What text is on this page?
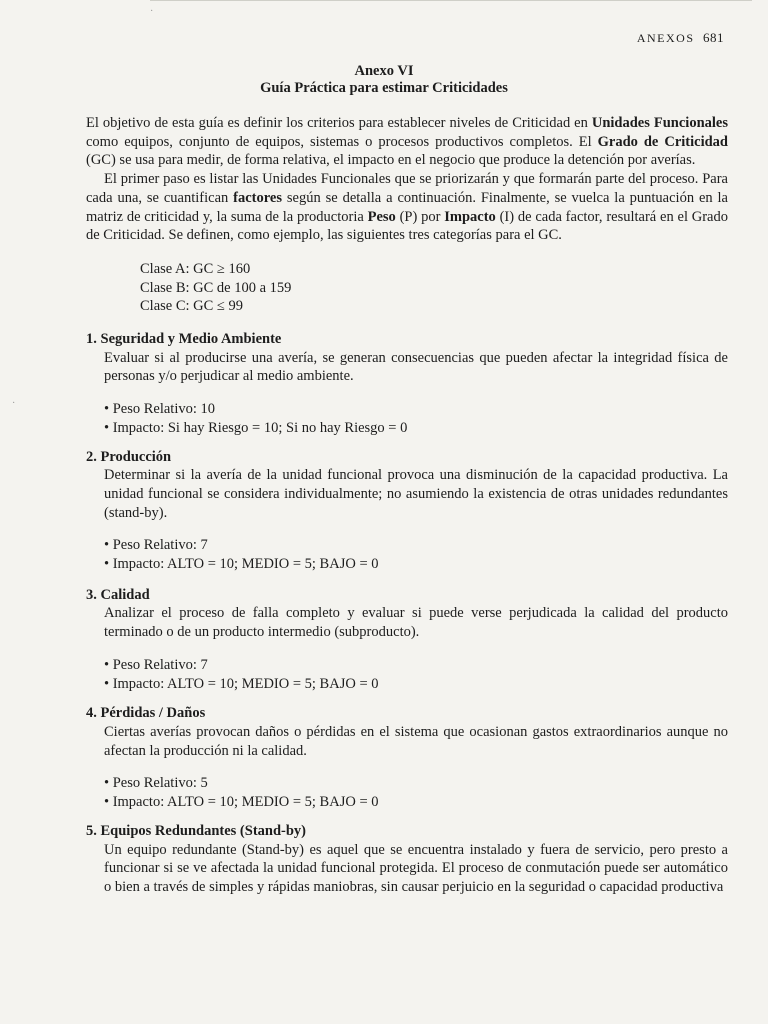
·
·
ANEXOS 681
Anexo VI
Guía Práctica para estimar Criticidades

El objetivo de esta guía es definir los criterios para establecer niveles de Criticidad en Unidades Funcionales como equipos, conjunto de equipos, sistemas o procesos productivos completos. El Grado de Criticidad (GC) se usa para medir, de forma relativa, el impacto en el negocio que produce la detención por averías.

El primer paso es listar las Unidades Funcionales que se priorizarán y que formarán parte del proceso. Para cada una, se cuantifican factores según se detalla a continuación. Finalmente, se vuelca la puntuación en la matriz de criticidad y, la suma de la productoria Peso (P) por Impacto (I) de cada factor, resultará en el Grado de Criticidad. Se definen, como ejemplo, las siguientes tres categorías para el GC.

Clase A: GC ≥ 160
Clase B: GC de 100 a 159
Clase C: GC ≤ 99
1. Seguridad y Medio Ambiente

Evaluar si al producirse una avería, se generan consecuencias que pueden afectar la integridad física de personas y/o perjudicar al medio ambiente.

• Peso Relativo: 10
• Impacto: Si hay Riesgo = 10; Si no hay Riesgo = 0
2. Producción

Determinar si la avería de la unidad funcional provoca una disminución de la capacidad productiva. La unidad funcional se considera individualmente; no asumiendo la existencia de otras unidades redundantes (stand-by).

• Peso Relativo: 7
• Impacto: ALTO = 10; MEDIO = 5; BAJO = 0
3. Calidad

Analizar el proceso de falla completo y evaluar si puede verse perjudicada la calidad del producto terminado o de un producto intermedio (subproducto).

• Peso Relativo: 7
• Impacto: ALTO = 10; MEDIO = 5; BAJO = 0
4. Pérdidas / Daños

Ciertas averías provocan daños o pérdidas en el sistema que ocasionan gastos extraordinarios aunque no afectan la producción ni la calidad.

• Peso Relativo: 5
• Impacto: ALTO = 10; MEDIO = 5; BAJO = 0
5. Equipos Redundantes (Stand-by)

Un equipo redundante (Stand-by) es aquel que se encuentra instalado y fuera de servicio, pero presto a funcionar si se ve afectada la unidad funcional protegida. El proceso de conmutación puede ser automático o bien a través de simples y rápidas maniobras, sin causar perjuicio en la seguridad o capacidad productiva
